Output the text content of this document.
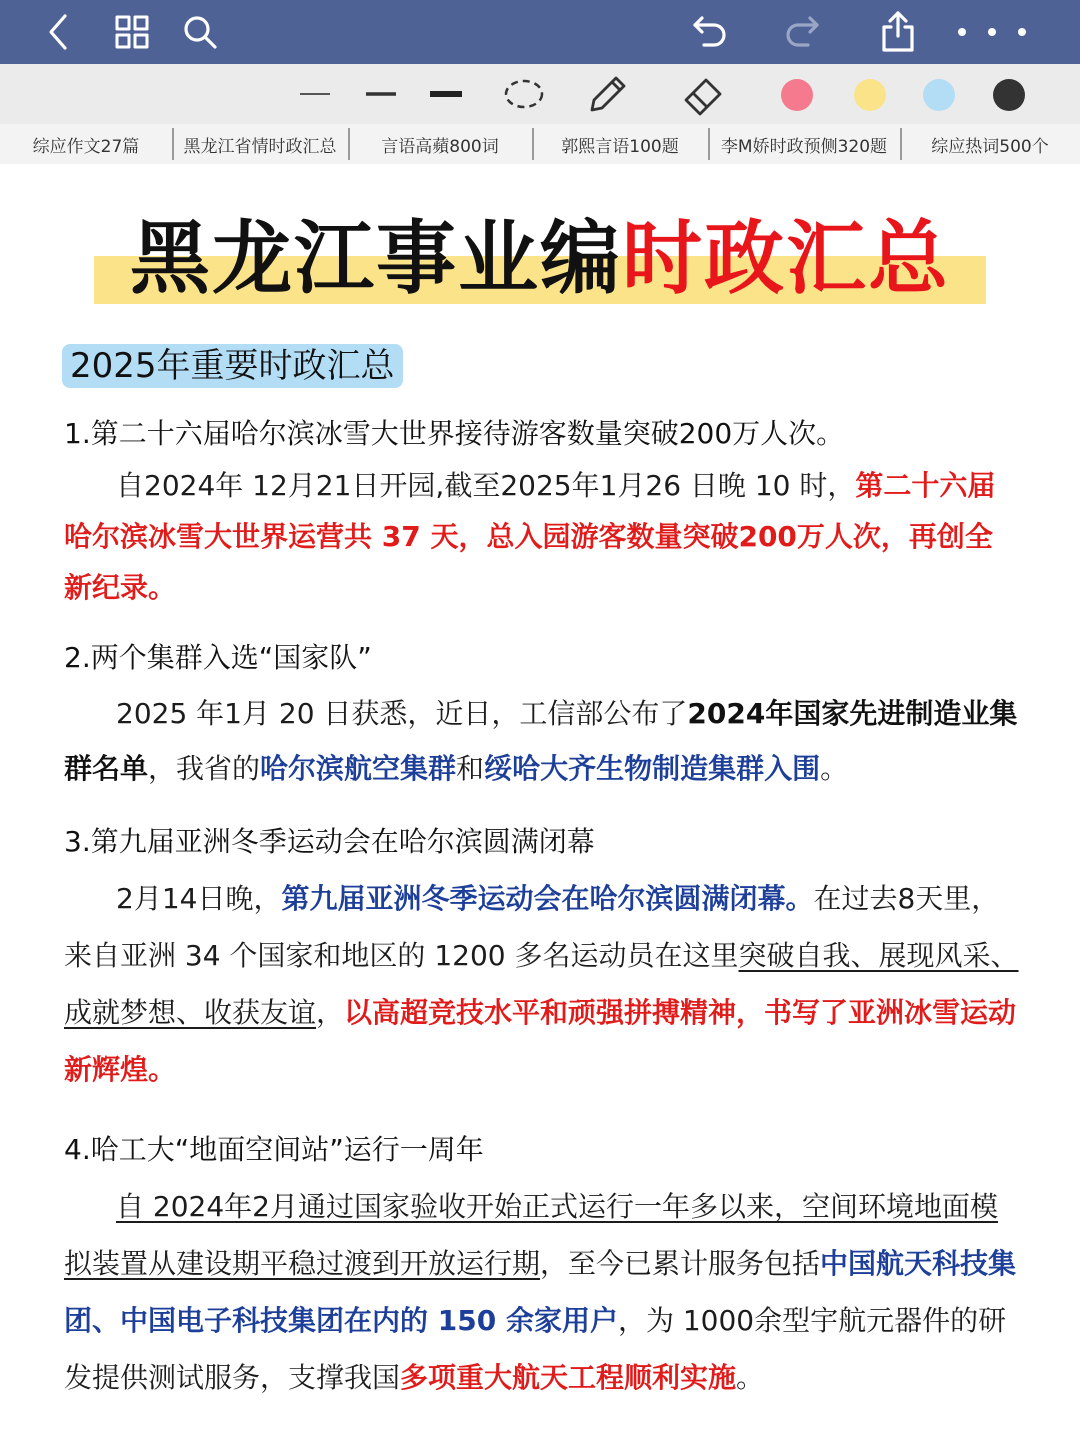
综应作文27篇	黑龙江省情时政汇总	言语高蘋800词	郭熙言语100题	李M娇时政预侧320题	综应热词500个
黑龙江事业编时政汇总
2025年重要时政汇总
1.第二十六届哈尔滨冰雪大世界接待游客数量突破200万人次。
自2024年 12月21日开园,截至2025年1月26 日晚 10 时，第二十六届哈尔滨冰雪大世界运营共 37 天，总入园游客数量突破200万人次，再创全新纪录。
2.两个集群入选“国家队”
2025 年1月 20 日获悉，近日，工信部公布了2024年国家先进制造业集群名单，我省的哈尔滨航空集群和绥哈大齐生物制造集群入围。
3.第九届亚洲冬季运动会在哈尔滨圆满闭幕
2月14日晚，第九届亚洲冬季运动会在哈尔滨圆满闭幕。在过去8天里，来自亚洲 34 个国家和地区的 1200 多名运动员在这里突破自我、展现风采、成就梦想、收获友谊，以高超竞技水平和顽强拼搏精神，书写了亚洲冰雪运动新辉煌。
4.哈工大“地面空间站”运行一周年
自 2024年2月通过国家验收开始正式运行一年多以来，空间环境地面模拟装置从建设期平稳过渡到开放运行期，至今已累计服务包括中国航天科技集团、中国电子科技集团在内的 150 余家用户，为 1000余型宇航元器件的研发提供测试服务，支撑我国多项重大航天工程顺利实施。
